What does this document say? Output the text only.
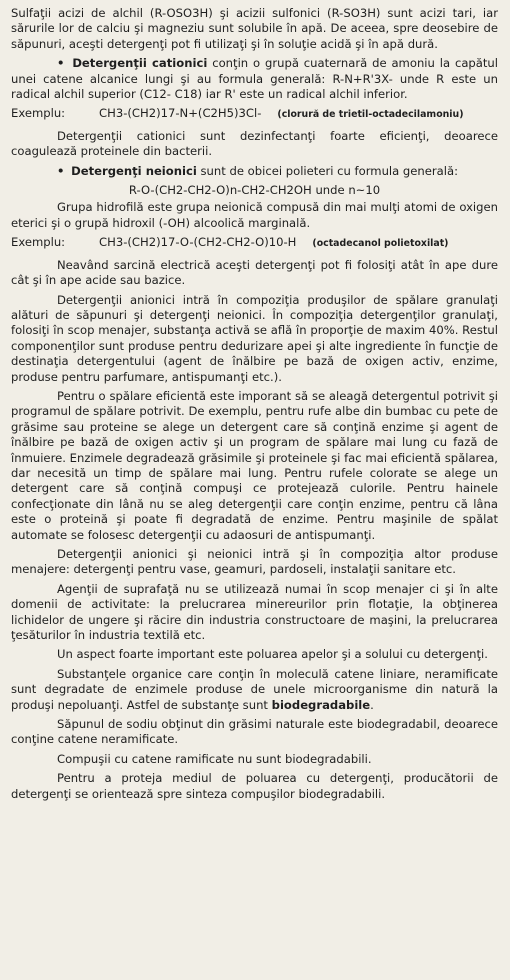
Sulfaţii acizi de alchil (R-OSO3H) şi acizii sulfonici (R-SO3H) sunt acizi tari, iar sărurile lor de calciu şi magneziu sunt solubile în apă. De aceea, spre deosebire de săpunuri, aceşti detergenţi pot fi utilizaţi şi în soluţie acidă şi în apă dură.

• Detergenţii cationici conţin o grupă cuaternară de amoniu la capătul unei catene alcanice lungi şi au formula generală: R-N+R'3X- unde R este un radical alchil superior (C12- C18) iar R' este un radical alchil inferior.

Exemplu:	CH3-(CH2)17-N+(C2H5)3Cl- (clorură de trietil-octadecilamoniu)

Detergenţii cationici sunt dezinfectanţi foarte eficienţi, deoarece coagulează proteinele din bacterii.

• Detergenţi neionici sunt de obicei polieteri cu formula generală:

R-O-(CH2-CH2-O)n-CH2-CH2OH unde n~10

Grupa hidrofilă este grupa neionică compusă din mai mulţi atomi de oxigen eterici şi o grupă hidroxil (-OH) alcoolică marginală.

Exemplu:	CH3-(CH2)17-O-(CH2-CH2-O)10-H (octadecanol polietoxilat)

Neavând sarcină electrică aceşti detergenţi pot fi folosiţi atât în ape dure cât şi în ape acide sau bazice.

Detergenţii anionici intră în compoziţia produşilor de spălare granulaţi alături de săpunuri şi detergenţi neionici. În compoziţia detergenţilor granulaţi, folosiţi în scop menajer, substanţa activă se află în proporţie de maxim 40%. Restul componenţilor sunt produse pentru dedurizare apei şi alte ingrediente în funcţie de destinaţia detergentului (agent de înălbire pe bază de oxigen activ, enzime, produse pentru parfumare, antispumanţi etc.).

Pentru o spălare eficientă este imporant să se aleagă detergentul potrivit şi programul de spălare potrivit. De exemplu, pentru rufe albe din bumbac cu pete de grăsime sau proteine se alege un detergent care să conţină enzime şi agent de înălbire pe bază de oxigen activ şi un program de spălare mai lung cu fază de înmuiere. Enzimele degradează grăsimile şi proteinele şi fac mai eficientă spălarea, dar necesită un timp de spălare mai lung. Pentru rufele colorate se alege un detergent care să conţină compuşi ce protejează culorile. Pentru hainele confecţionate din lână nu se aleg detergenţii care conţin enzime, pentru că lâna este o proteină şi poate fi degradată de enzime. Pentru maşinile de spălat automate se folosesc detergenţii cu adaosuri de antispumanţi.

Detergenţii anionici şi neionici intră şi în compoziţia altor produse menajere: detergenţi pentru vase, geamuri, pardoseli, instalaţii sanitare etc.

Agenţii de suprafaţă nu se utilizează numai în scop menajer ci şi în alte domenii de activitate: la prelucrarea minereurilor prin flotaţie, la obţinerea lichidelor de ungere şi răcire din industria constructoare de maşini, la prelucrarea ţesăturilor în industria textilă etc.

Un aspect foarte important este poluarea apelor şi a solului cu detergenţi.

Substanţele organice care conţin în moleculă catene liniare, neramificate sunt degradate de enzimele produse de unele microorganisme din natură la produşi nepoluanţi. Astfel de substanţe sunt biodegradabile.

Săpunul de sodiu obţinut din grăsimi naturale este biodegradabil, deoarece conţine catene neramificate.

Compuşii cu catene ramificate nu sunt biodegradabili.

Pentru a proteja mediul de poluarea cu detergenţi, producătorii de detergenţi se orientează spre sinteza compuşilor biodegradabili.
